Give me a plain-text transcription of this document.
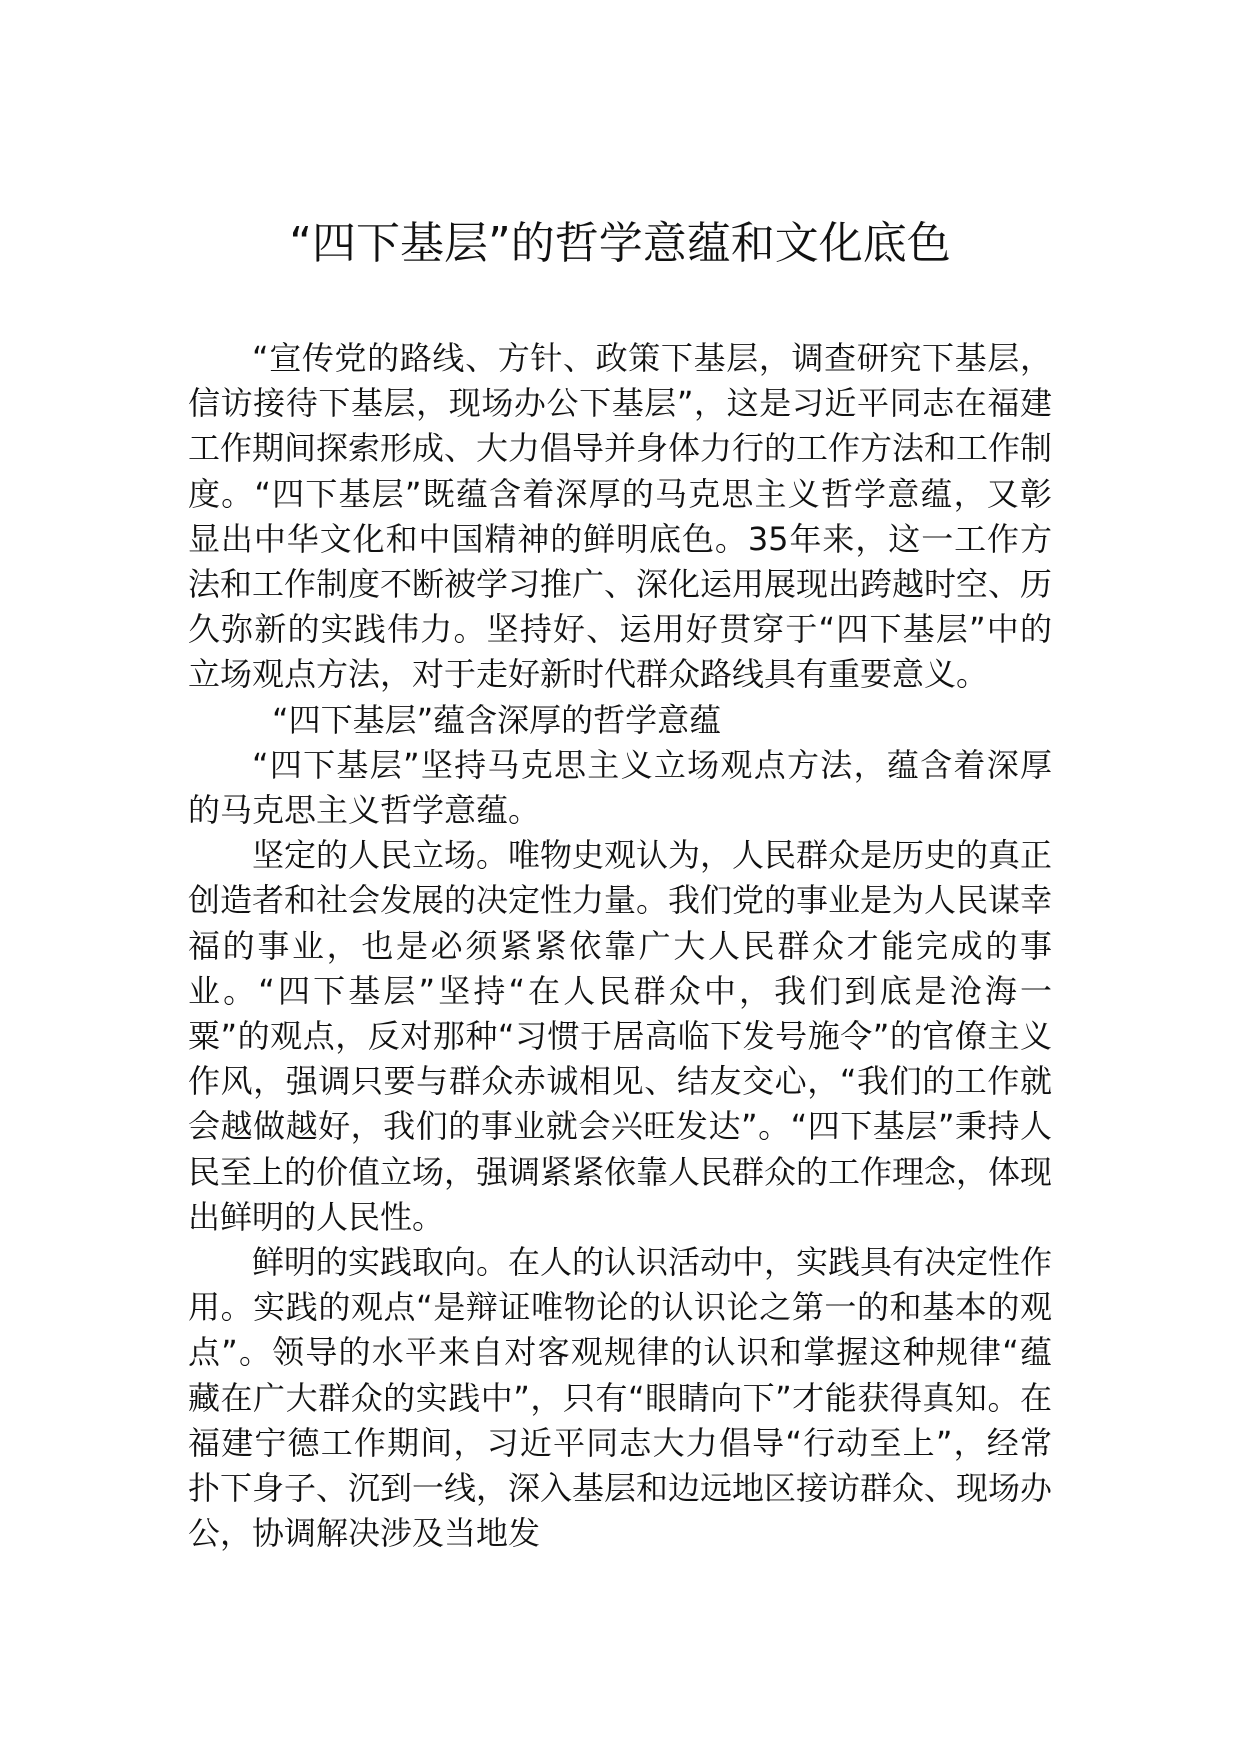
“四下基层”的哲学意蕴和文化底色

“宣传党的路线、方针、政策下基层，调查研究下基层，信访接待下基层，现场办公下基层”，这是习近平同志在福建工作期间探索形成、大力倡导并身体力行的工作方法和工作制度。“四下基层”既蕴含着深厚的马克思主义哲学意蕴，又彰显出中华文化和中国精神的鲜明底色。35年来，这一工作方法和工作制度不断被学习推广、深化运用展现出跨越时空、历久弥新的实践伟力。坚持好、运用好贯穿于“四下基层”中的立场观点方法，对于走好新时代群众路线具有重要意义。

“四下基层”蕴含深厚的哲学意蕴

“四下基层”坚持马克思主义立场观点方法，蕴含着深厚的马克思主义哲学意蕴。

坚定的人民立场。唯物史观认为，人民群众是历史的真正创造者和社会发展的决定性力量。我们党的事业是为人民谋幸福的事业，也是必须紧紧依靠广大人民群众才能完成的事业。“四下基层”坚持“在人民群众中，我们到底是沧海一粟”的观点，反对那种“习惯于居高临下发号施令”的官僚主义作风，强调只要与群众赤诚相见、结友交心，“我们的工作就会越做越好，我们的事业就会兴旺发达”。“四下基层”秉持人民至上的价值立场，强调紧紧依靠人民群众的工作理念，体现出鲜明的人民性。

鲜明的实践取向。在人的认识活动中，实践具有决定性作用。实践的观点“是辩证唯物论的认识论之第一的和基本的观点”。领导的水平来自对客观规律的认识和掌握这种规律“蕴藏在广大群众的实践中”，只有“眼睛向下”才能获得真知。在福建宁德工作期间，习近平同志大力倡导“行动至上”，经常扑下身子、沉到一线，深入基层和边远地区接访群众、现场办公，协调解决涉及当地发
